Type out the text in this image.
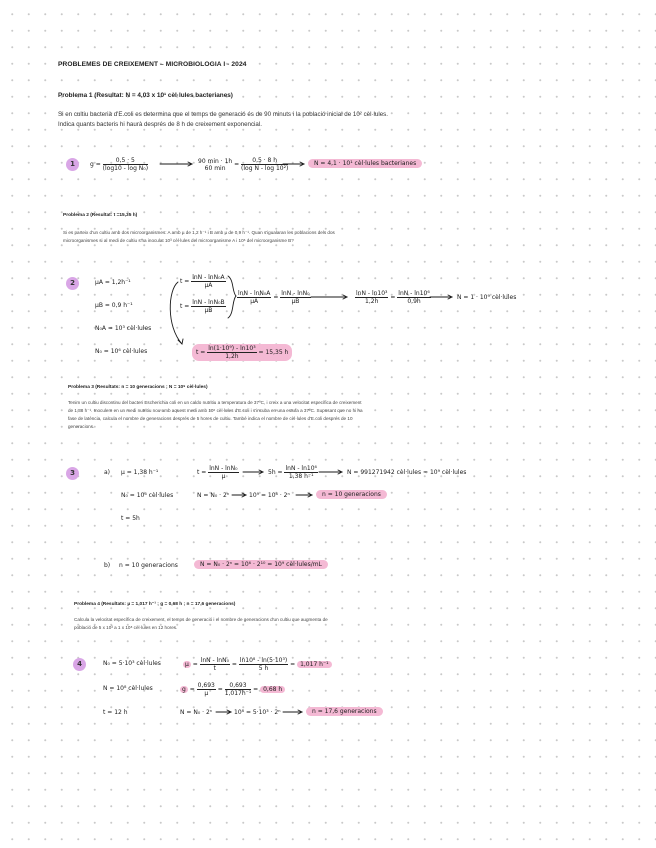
PROBLEMES DE CREIXEMENT – MICROBIOLOGIA I - 2024

Problema 1 (Resultat: N = 4,03 x 10¹ cèl·lules bacterianes)

Si en cultiu bacterià d'E.coli es determina que el temps de generació és de 90 minuts i la població inicial de 10² cèl·lules. Indica quants bacteris hi haurà després de 8 h de creixement exponencial.

1	$g = \frac{0,5 \cdot 5}{\text{(log10 - log N₀)}}$	90 min · 1h
60 min	= $\frac{0,5 \cdot 8 h}{\text{(log N - log 10²)}}$	N = 4,1 · 10¹ cèl·lules bacterianes

Problema 2 (Resultat: t =15,35 h)

Si es parteix d'un cultiu amb dos microorganismes: A amb µ de 1,2 h⁻¹ i B amb µ de 0,9 h⁻¹. Quan s'igualaran les poblacions dels dos microorganismes si al medi de cultiu s'ha inoculat 10³ cèl·lules del microorganisme A i 10⁶ del microorganisme B?

2	µA = 1,2h⁻¹
µB = 0,9 h⁻¹
N₀A = 10³ cèl·lules
N₀ = 10⁶ cèl·lules
$t = \frac{\text{lnN - lnN₀A}}{\text{µA}}$
$t = \frac{\text{lnN - lnN₀B}}{\text{µB}}$
$\frac{\text{lnN - lnN₀A}}{\text{µA}} = \frac{\text{lnN - lnN₀}}{\text{µB}}$	$\frac{\text{lnN - ln10³}}{1,2h} = \frac{\text{lnN - ln10⁶}}{0,9h}$	N = 1 · 10⁹ cèl·lules
$t = \frac{\text{ln(1·10⁹) - ln10³}}{1,2h} = 15,35$ h

Problema 3 (Resultats: n = 10 generacions ; N = 10⁹ cèl·lules)

Tenim un cultiu discontinu del bacteri Escherichia coli en un caldo nutritiu a temperatura de 37ºC, i creix a una velocitat específica de creixement de 1,38 h⁻¹. Inoculem en un medi nutritiu nou amb aquest medi amb 10⁶ cèl·lules d'E.coli i s'incuba en una estufa a 37ºC. Suposant que no hi ha fase de latència, calcula el nombre de generacions després de 5 hores de cultiu. També indica el nombre de cèl·lules d'E.coli després de 10 generacions.

3	a) µ = 1,38 h⁻¹
N₀ = 10⁶ cèl·lules
t = 5h
$t = \frac{\text{lnN - lnN₀}}{\text{µ}}$	$5h = \frac{\text{lnN - ln10⁶}}{\text{1,38 h⁻¹}}$	N = 991271942 cèl·lules ≈ 10⁹ cèl·lules
N = N₀ · 2ⁿ	10⁹ = 10⁶ · 2ⁿ	n = 10 generacions
b) n = 10 generacions	N = N₀ · 2ⁿ = 10⁶ · 2¹⁰ = 10⁹ cèl·lules/mL

Problema 4 (Resultats: µ = 1,017 h⁻¹ ; g = 0,68 h ; n = 17,6 generacions)

Calcula la velocitat específica de creixement, el temps de generació i el nombre de generacions d'un cultiu que augmenta de població de 5 x 10³ a 1 x 10⁸ cèl·lules en 12 hores.

4	N₀ = 5·10³ cèl·lules
N = 10⁸ cèl·lules
t = 12 h
$\mu = \frac{\text{lnN - lnN₀}}{t} = \frac{\text{ln10⁸ - ln(5·10³)}}{5 h} = 1,017$ h⁻¹
$g = \frac{0,693}{\text{µ}} = \frac{0,693}{\text{1,017h⁻¹}} = 0,68$ h
N = N₀ · 2ⁿ	10⁸ = 5·10³ · 2ⁿ	n = 17,6 generacions
